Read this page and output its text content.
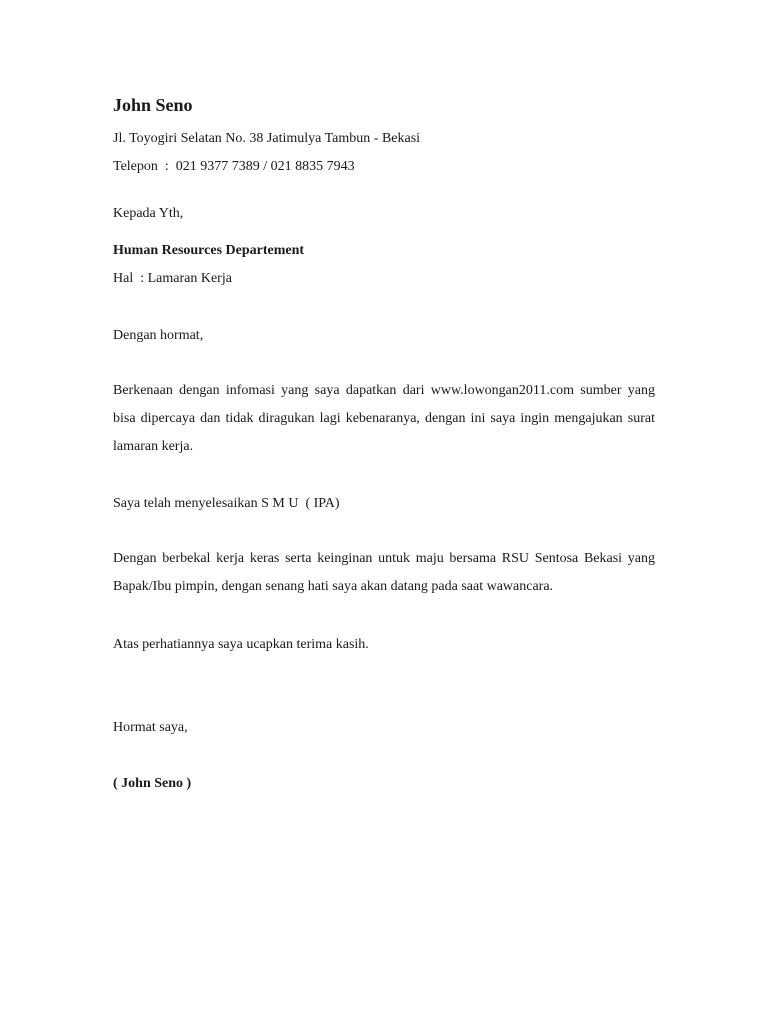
John Seno
Jl. Toyogiri Selatan No. 38 Jatimulya Tambun - Bekasi
Telepon  :  021 9377 7389 / 021 8835 7943
Kepada Yth,
Human Resources Departement
Hal  : Lamaran Kerja
Dengan hormat,
Berkenaan dengan infomasi yang saya dapatkan dari www.lowongan2011.com sumber yang bisa dipercaya dan tidak diragukan lagi kebenaranya, dengan ini saya ingin mengajukan surat lamaran kerja.
Saya telah menyelesaikan S M U  ( IPA)
Dengan berbekal kerja keras serta keinginan untuk maju bersama RSU Sentosa Bekasi yang Bapak/Ibu pimpin, dengan senang hati saya akan datang pada saat wawancara.
Atas perhatiannya saya ucapkan terima kasih.
Hormat saya,
( John Seno )
